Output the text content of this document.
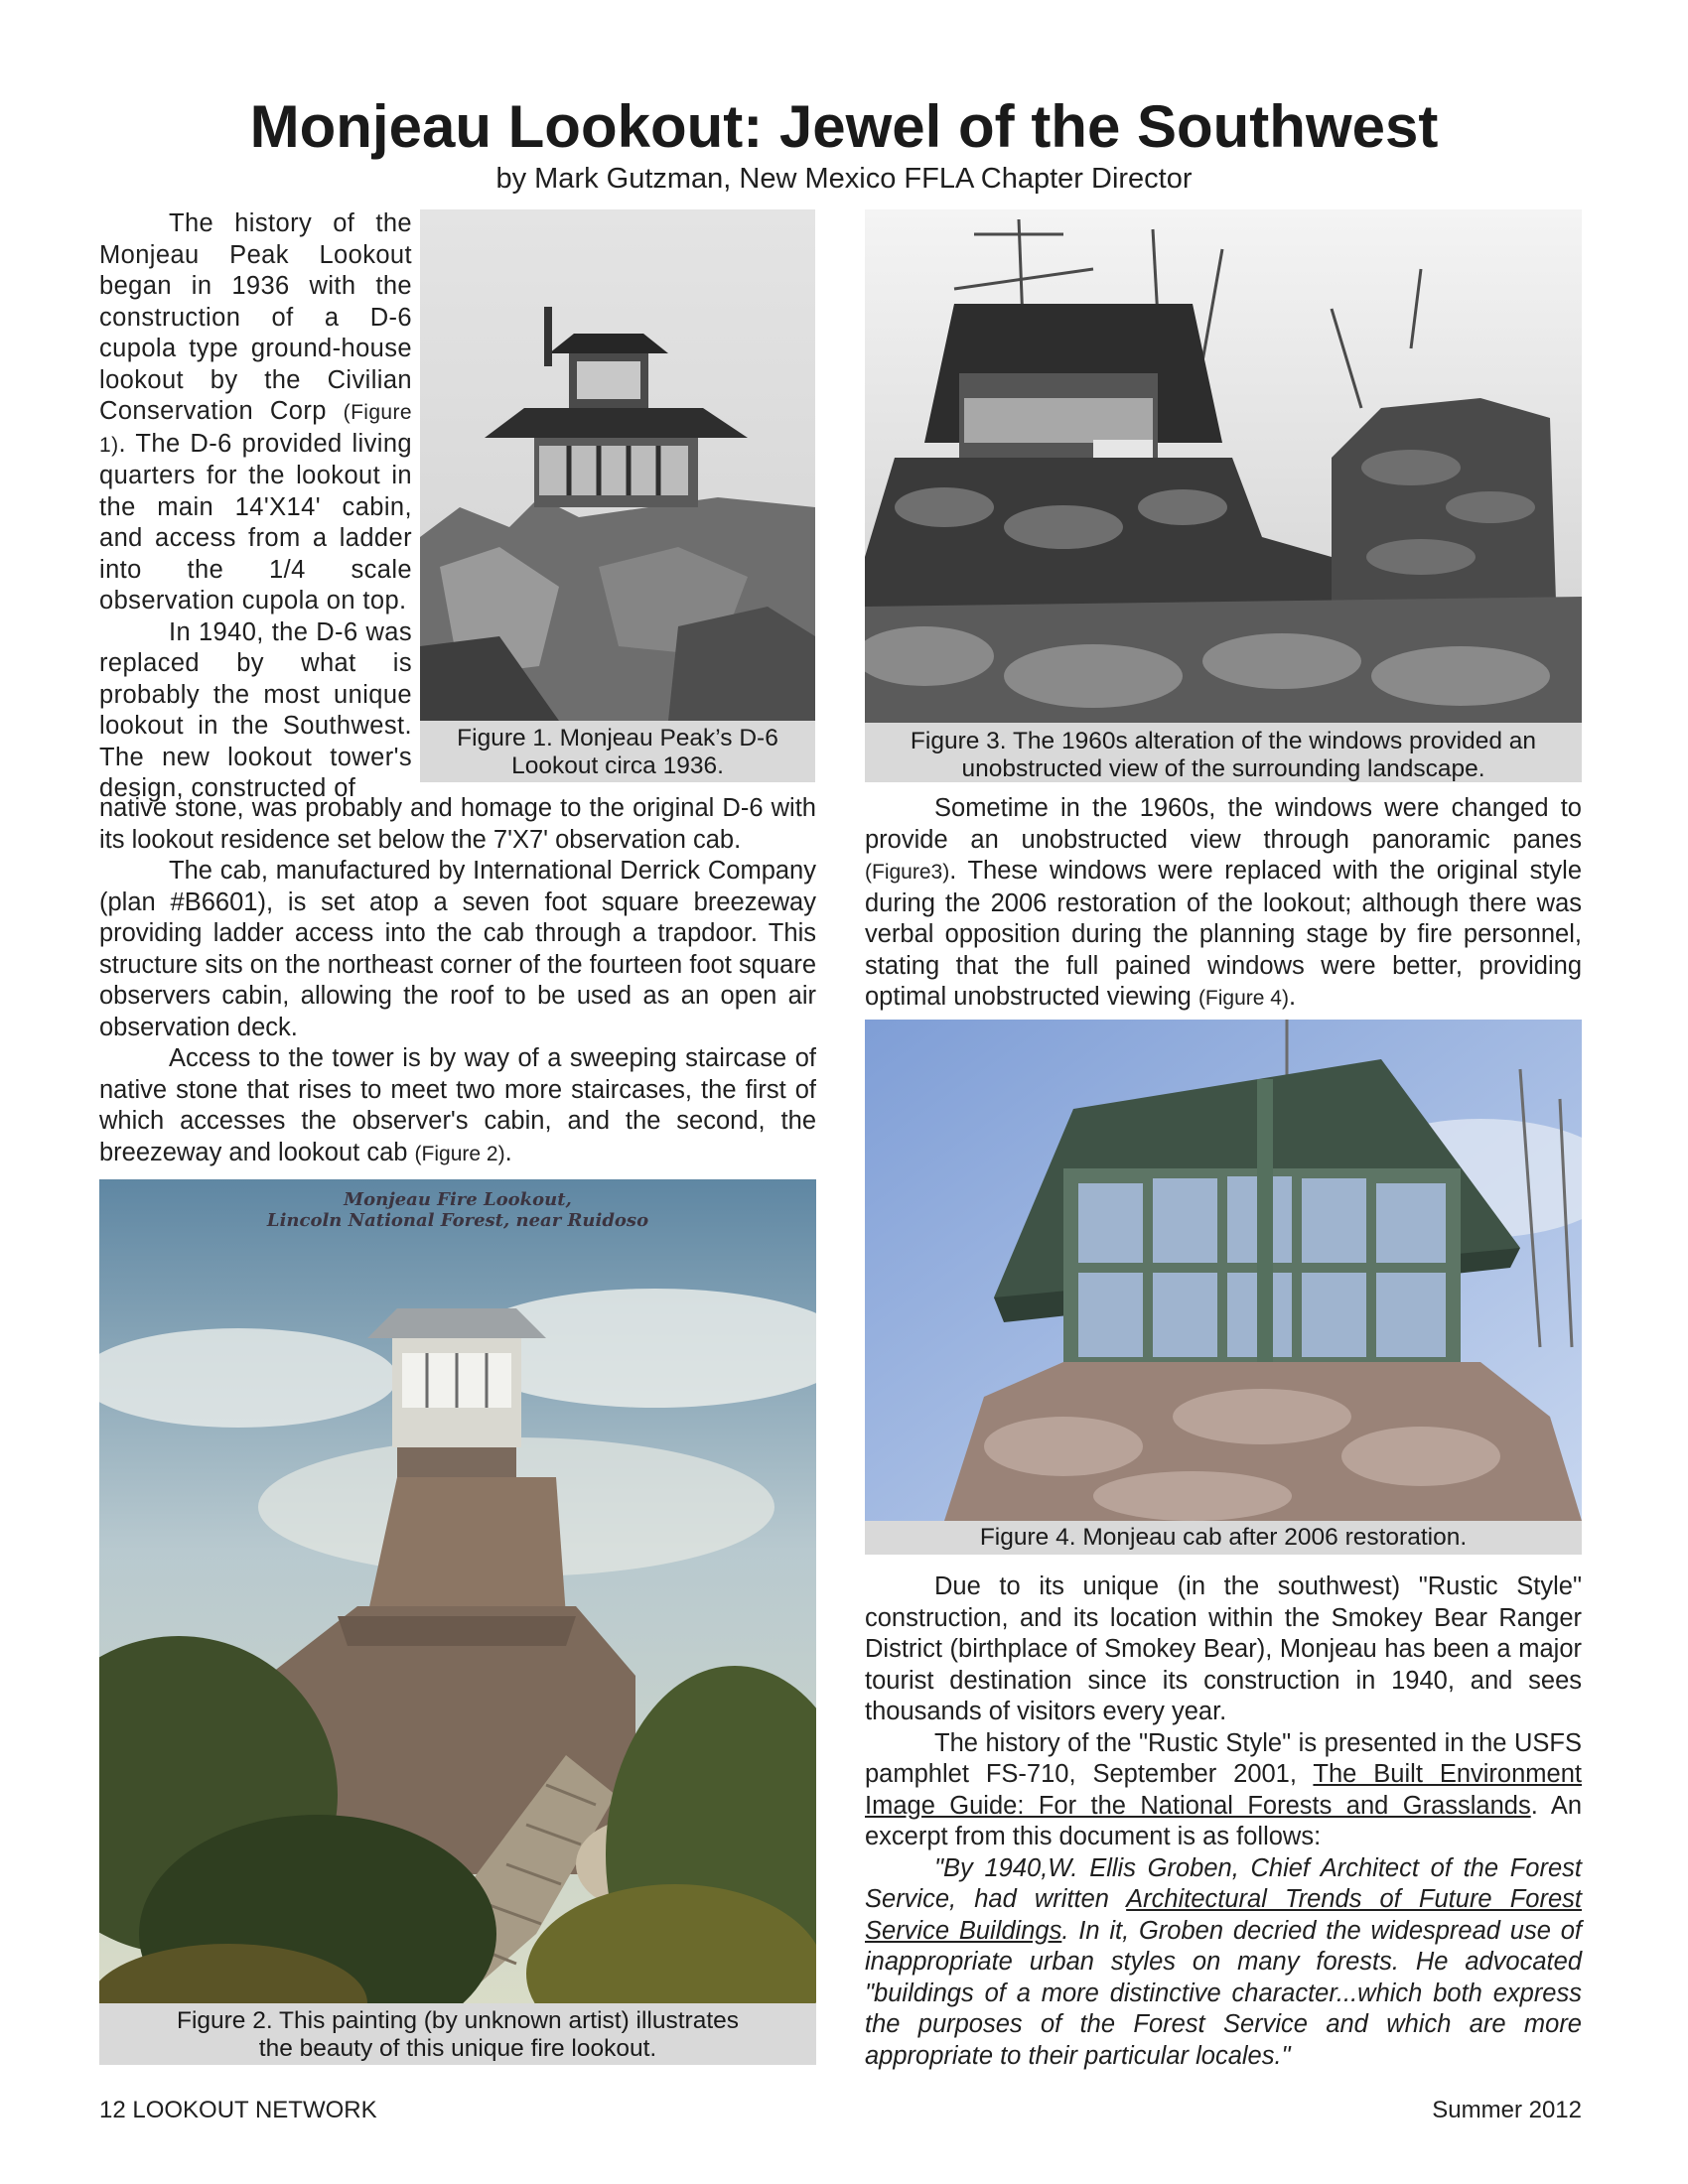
Monjeau Lookout: Jewel of the Southwest
by Mark Gutzman, New Mexico FFLA Chapter Director

The history of the Monjeau Peak Lookout began in 1936 with the construction of a D-6 cupola type ground-house lookout by the Civilian Conservation Corp (Figure 1). The D-6 provided living quarters for the lookout in the main 14'X14' cabin, and access from a ladder into the 1/4 scale observation cupola on top.

In 1940, the D-6 was replaced by what is probably the most unique lookout in the Southwest. The new lookout tower's design, constructed of

Figure 1. Monjeau Peak’s D-6 Lookout circa 1936.

native stone, was probably and homage to the original D-6 with its lookout residence set below the 7'X7' observation cab.

The cab, manufactured by International Derrick Company (plan #B6601), is set atop a seven foot square breezeway providing ladder access into the cab through a trapdoor. This structure sits on the northeast corner of the fourteen foot square observers cabin, allowing the roof to be used as an open air observation deck.

Access to the tower is by way of a sweeping staircase of native stone that rises to meet two more staircases, the first of which accesses the observer's cabin, and the second, the breezeway and lookout cab (Figure 2).

Monjeau Fire Lookout,
Lincoln National Forest, near Ruidoso
Figure 2. This painting (by unknown artist) illustrates the beauty of this unique fire lookout.
Figure 3. The 1960s alteration of the windows provided an unobstructed view of the surrounding landscape.

Sometime in the 1960s, the windows were changed to provide an unobstructed view through panoramic panes (Figure3). These windows were replaced with the original style during the 2006 restoration of the lookout; although there was verbal opposition during the planning stage by fire personnel, stating that the full pained windows were better, providing optimal unobstructed viewing (Figure 4).

Figure 4. Monjeau cab after 2006 restoration.

Due to its unique (in the southwest) "Rustic Style" construction, and its location within the Smokey Bear Ranger District (birthplace of Smokey Bear), Monjeau has been a major tourist destination since its construction in 1940, and sees thousands of visitors every year.

The history of the "Rustic Style" is presented in the USFS pamphlet FS-710, September 2001, The Built Environment Image Guide: For the National Forests and Grasslands. An excerpt from this document is as follows:

"By 1940,W. Ellis Groben, Chief Architect of the Forest Service, had written Architectural Trends of Future Forest Service Buildings. In it, Groben decried the widespread use of inappropriate urban styles on many forests. He advocated "buildings of a more distinctive character...which both express the purposes of the Forest Service and which are more appropriate to their particular locales."

12 LOOKOUT NETWORK	Summer 2012
